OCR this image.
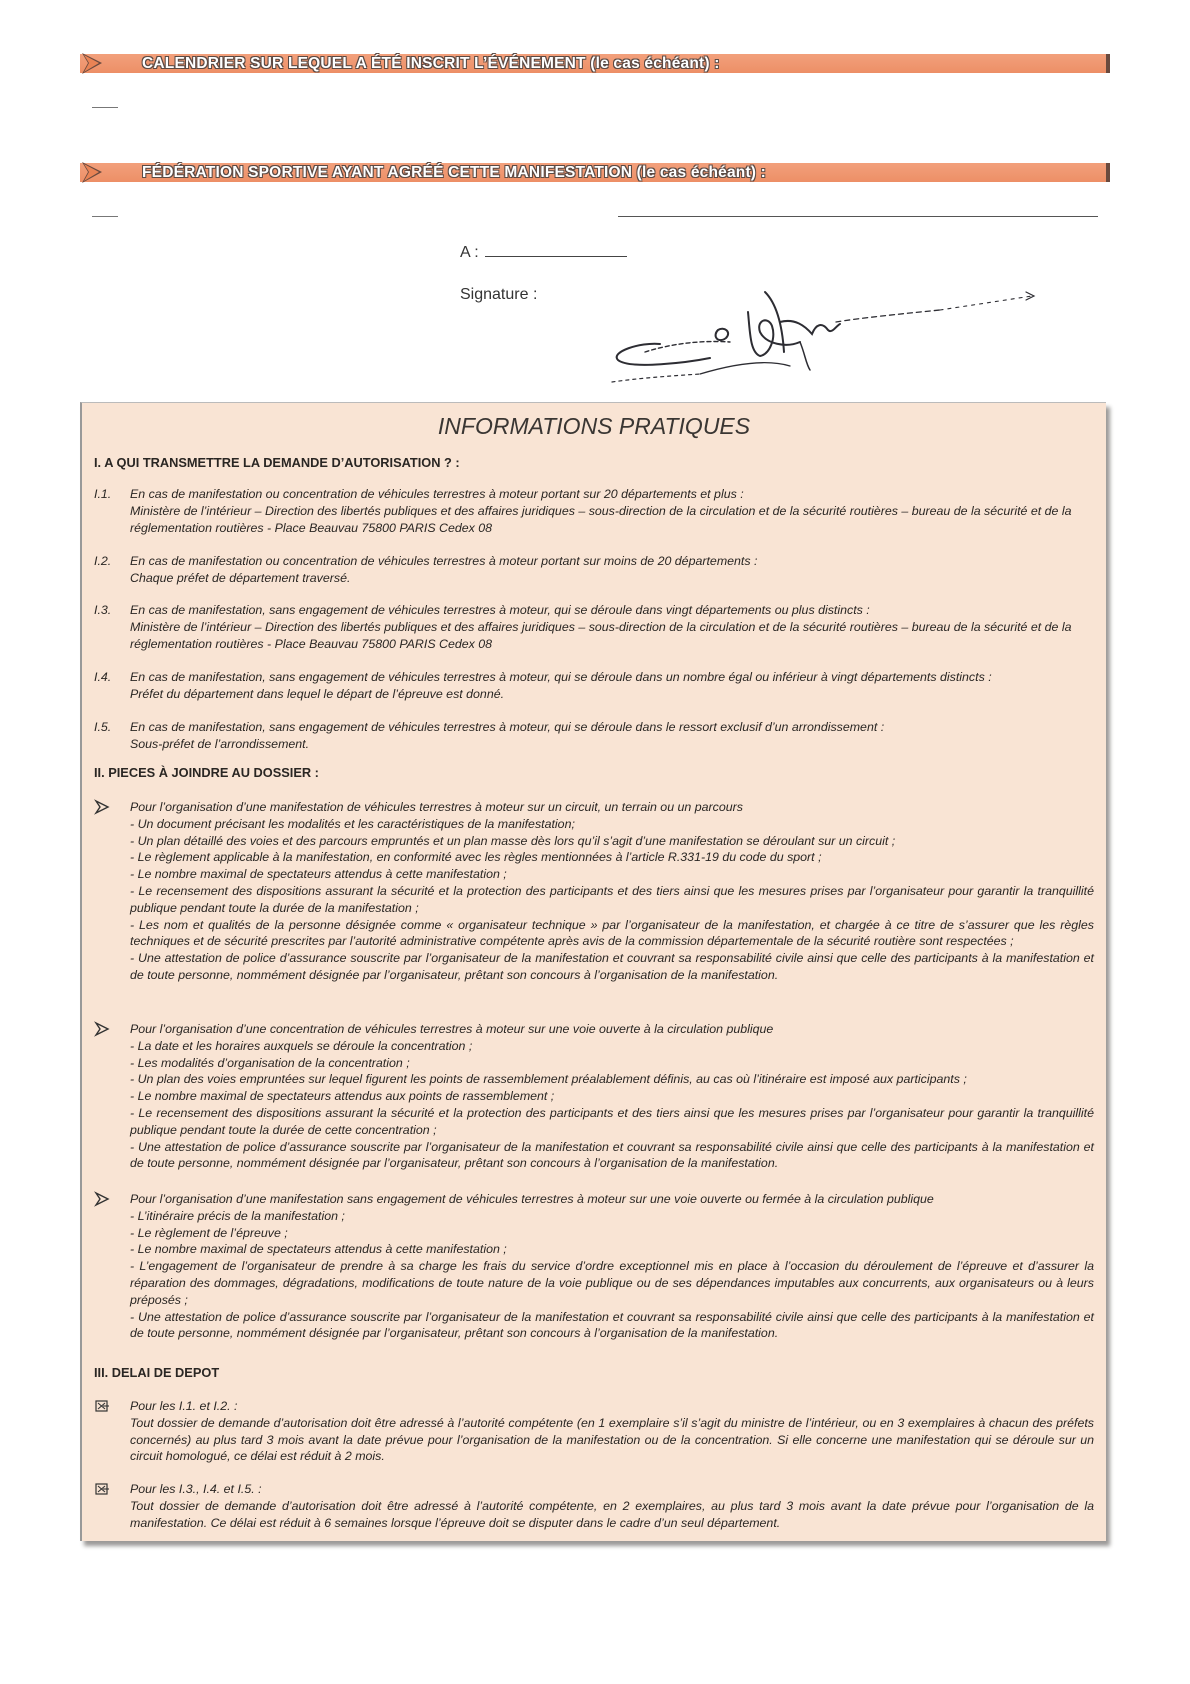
CALENDRIER SUR LEQUEL A ÉTÉ INSCRIT L’ÉVÉNEMENT (le cas échéant) :
FÉDÉRATION SPORTIVE AYANT AGRÉÉ CETTE MANIFESTATION (le cas échéant) :
A :
Signature :
INFORMATIONS PRATIQUES
I. A QUI TRANSMETTRE LA DEMANDE D’AUTORISATION ? :
I.1. En cas de manifestation ou concentration de véhicules terrestres à moteur portant sur 20 départements et plus :
Ministère de l’intérieur – Direction des libertés publiques et des affaires juridiques – sous-direction de la circulation et de la sécurité routières – bureau de la sécurité et de la réglementation routières - Place Beauvau 75800 PARIS Cedex 08
I.2. En cas de manifestation ou concentration de véhicules terrestres à moteur portant sur moins de 20 départements :
Chaque préfet de département traversé.
I.3. En cas de manifestation, sans engagement de véhicules terrestres à moteur, qui se déroule dans vingt départements ou plus distincts :
Ministère de l’intérieur – Direction des libertés publiques et des affaires juridiques – sous-direction de la circulation et de la sécurité routières – bureau de la sécurité et de la réglementation routières - Place Beauvau 75800 PARIS Cedex 08
I.4. En cas de manifestation, sans engagement de véhicules terrestres à moteur, qui se déroule dans un nombre égal ou inférieur à vingt départements distincts :
Préfet du département dans lequel le départ de l’épreuve est donné.
I.5. En cas de manifestation, sans engagement de véhicules terrestres à moteur, qui se déroule dans le ressort exclusif d’un arrondissement :
Sous-préfet de l’arrondissement.
II. PIECES À JOINDRE AU DOSSIER :
Pour l’organisation d’une manifestation de véhicules terrestres à moteur sur un circuit, un terrain ou un parcours
- Un document précisant les modalités et les caractéristiques de la manifestation;
- Un plan détaillé des voies et des parcours empruntés et un plan masse dès lors qu’il s’agit d’une manifestation se déroulant sur un circuit ;
- Le règlement applicable à la manifestation, en conformité avec les règles mentionnées à l’article R.331-19 du code du sport ;
- Le nombre maximal de spectateurs attendus à cette manifestation ;
- Le recensement des dispositions assurant la sécurité et la protection des participants et des tiers ainsi que les mesures prises par l’organisateur pour garantir la tranquillité publique pendant toute la durée de la manifestation ;
- Les nom et qualités de la personne désignée comme « organisateur technique » par l’organisateur de la manifestation, et chargée à ce titre de s’assurer que les règles techniques et de sécurité prescrites par l’autorité administrative compétente après avis de la commission départementale de la sécurité routière sont respectées ;
- Une attestation de police d’assurance souscrite par l’organisateur de la manifestation et couvrant sa responsabilité civile ainsi que celle des participants à la manifestation et de toute personne, nommément désignée par l’organisateur, prêtant son concours à l’organisation de la manifestation.
Pour l’organisation d’une concentration de véhicules terrestres à moteur sur une voie ouverte à la circulation publique
- La date et les horaires auxquels se déroule la concentration ;
- Les modalités d’organisation de la concentration ;
- Un plan des voies empruntées sur lequel figurent les points de rassemblement préalablement définis, au cas où l’itinéraire est imposé aux participants ;
- Le nombre maximal de spectateurs attendus aux points de rassemblement ;
- Le recensement des dispositions assurant la sécurité et la protection des participants et des tiers ainsi que les mesures prises par l’organisateur pour garantir la tranquillité publique pendant toute la durée de cette concentration ;
- Une attestation de police d’assurance souscrite par l’organisateur de la manifestation et couvrant sa responsabilité civile ainsi que celle des participants à la manifestation et de toute personne, nommément désignée par l’organisateur, prêtant son concours à l’organisation de la manifestation.
Pour l’organisation d’une manifestation sans engagement de véhicules terrestres à moteur sur une voie ouverte ou fermée à la circulation publique
- L’itinéraire précis de la manifestation ;
- Le règlement de l’épreuve ;
- Le nombre maximal de spectateurs attendus à cette manifestation ;
- L’engagement de l’organisateur de prendre à sa charge les frais du service d’ordre exceptionnel mis en place à l’occasion du déroulement de l’épreuve et d’assurer la réparation des dommages, dégradations, modifications de toute nature de la voie publique ou de ses dépendances imputables aux concurrents, aux organisateurs ou à leurs préposés ;
- Une attestation de police d’assurance souscrite par l’organisateur de la manifestation et couvrant sa responsabilité civile ainsi que celle des participants à la manifestation et de toute personne, nommément désignée par l’organisateur, prêtant son concours à l’organisation de la manifestation.
III. DELAI DE DEPOT
Pour les I.1. et I.2. :
Tout dossier de demande d’autorisation doit être adressé à l’autorité compétente (en 1 exemplaire s’il s’agit du ministre de l’intérieur, ou en 3 exemplaires à chacun des préfets concernés) au plus tard 3 mois avant la date prévue pour l’organisation de la manifestation ou de la concentration. Si elle concerne une manifestation qui se déroule sur un circuit homologué, ce délai est réduit à 2 mois.
Pour les I.3., I.4. et I.5. :
Tout dossier de demande d’autorisation doit être adressé à l’autorité compétente, en 2 exemplaires, au plus tard 3 mois avant la date prévue pour l’organisation de la manifestation. Ce délai est réduit à 6 semaines lorsque l’épreuve doit se disputer dans le cadre d’un seul département.
